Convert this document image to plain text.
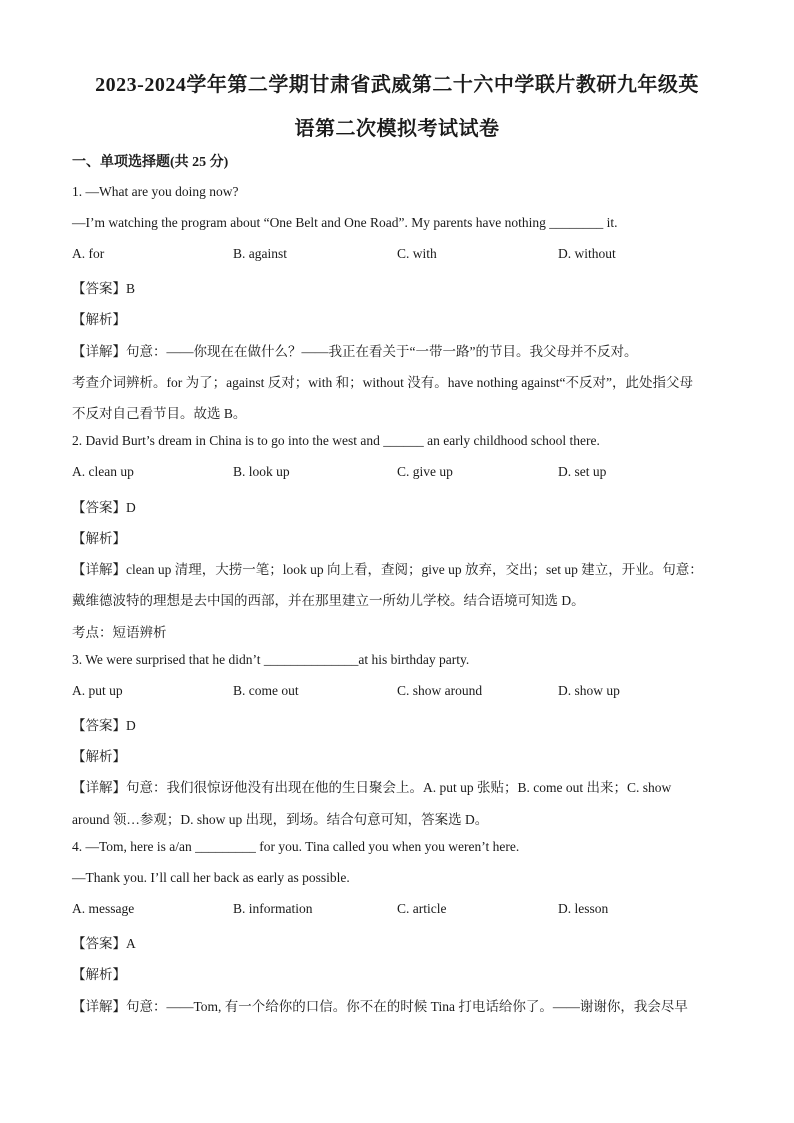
2023-2024学年第二学期甘肃省武威第二十六中学联片教研九年级英
语第二次模拟考试试卷
一、单项选择题(共 25 分)
1. —What are you doing now?
—I’m watching the program about “One Belt and One Road”. My parents have nothing ________ it.
A. for	B. against	C. with	D. without
【答案】B
【解析】
【详解】句意：——你现在在做什么？——我正在看关于“一带一路”的节目。我父母并不反对。
考查介词辨析。for 为了；against 反对；with 和；without 没有。have nothing against“不反对”，此处指父母
不反对自己看节目。故选 B。
2. David Burt’s dream in China is to go into the west and ______ an early childhood school there.
A. clean up	B. look up	C. give up	D. set up
【答案】D
【解析】
【详解】clean up 清理，大捞一笔；look up 向上看，查阅；give up 放弃，交出；set up 建立，开业。句意：
戴维德波特的理想是去中国的西部，并在那里建立一所幼儿学校。结合语境可知选 D。
考点：短语辨析
3. We were surprised that he didn’t ______________at his birthday party.
A. put up	B. come out	C. show around	D. show up
【答案】D
【解析】
【详解】句意：我们很惊讶他没有出现在他的生日聚会上。A. put up 张贴；B. come out 出来；C. show
around 领…参观；D. show up 出现，到场。结合句意可知，答案选 D。
4. —Tom, here is a/an _________ for you. Tina called you when you weren’t here.
—Thank you. I’ll call her back as early as possible.
A. message	B. information	C. article	D. lesson
【答案】A
【解析】
【详解】句意：——Tom, 有一个给你的口信。你不在的时候 Tina 打电话给你了。——谢谢你，我会尽早
